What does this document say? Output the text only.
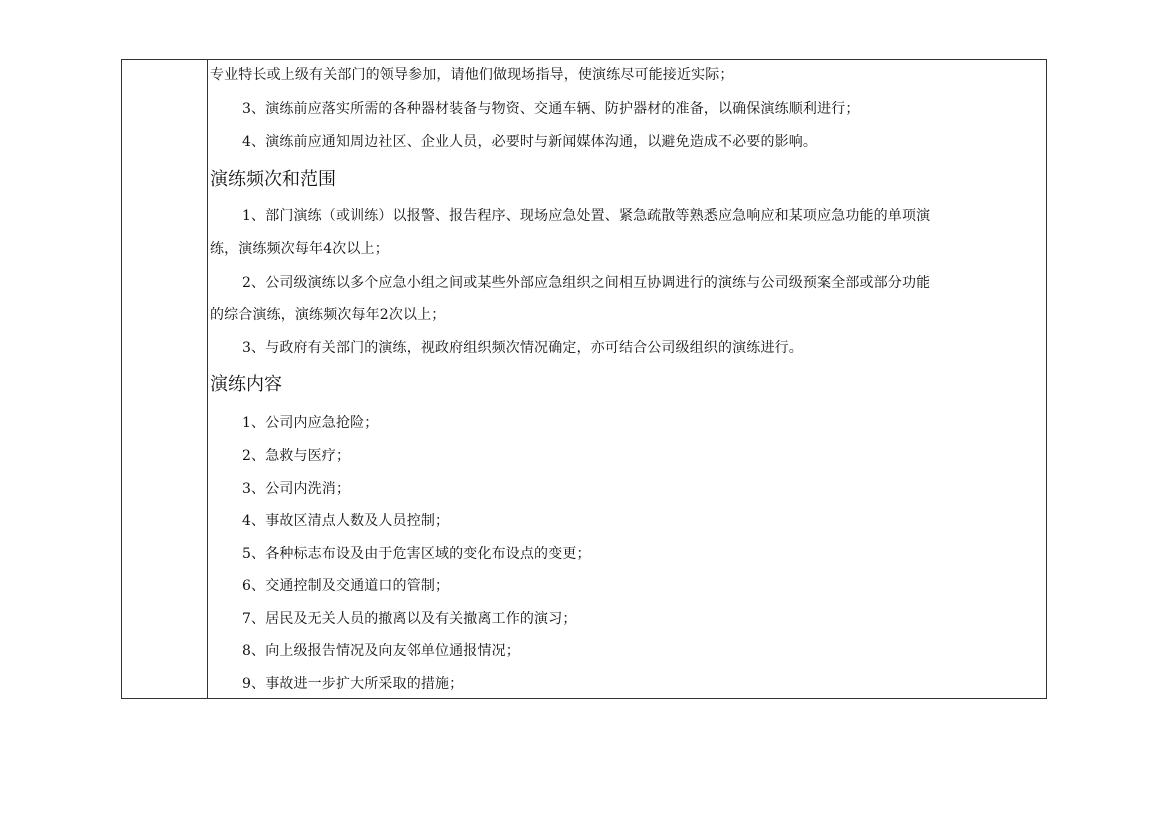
专业特长或上级有关部门的领导参加，请他们做现场指导，使演练尽可能接近实际；
3、演练前应落实所需的各种器材装备与物资、交通车辆、防护器材的准备，以确保演练顺利进行；
4、演练前应通知周边社区、企业人员，必要时与新闻媒体沟通，以避免造成不必要的影响。
演练频次和范围
1、部门演练（或训练）以报警、报告程序、现场应急处置、紧急疏散等熟悉应急响应和某项应急功能的单项演
练，演练频次每年4次以上；
2、公司级演练以多个应急小组之间或某些外部应急组织之间相互协调进行的演练与公司级预案全部或部分功能
的综合演练，演练频次每年2次以上；
3、与政府有关部门的演练，视政府组织频次情况确定，亦可结合公司级组织的演练进行。
演练内容
1、公司内应急抢险；
2、急救与医疗；
3、公司内洗消；
4、事故区清点人数及人员控制；
5、各种标志布设及由于危害区域的变化布设点的变更；
6、交通控制及交通道口的管制；
7、居民及无关人员的撤离以及有关撤离工作的演习；
8、向上级报告情况及向友邻单位通报情况；
9、事故进一步扩大所采取的措施；
